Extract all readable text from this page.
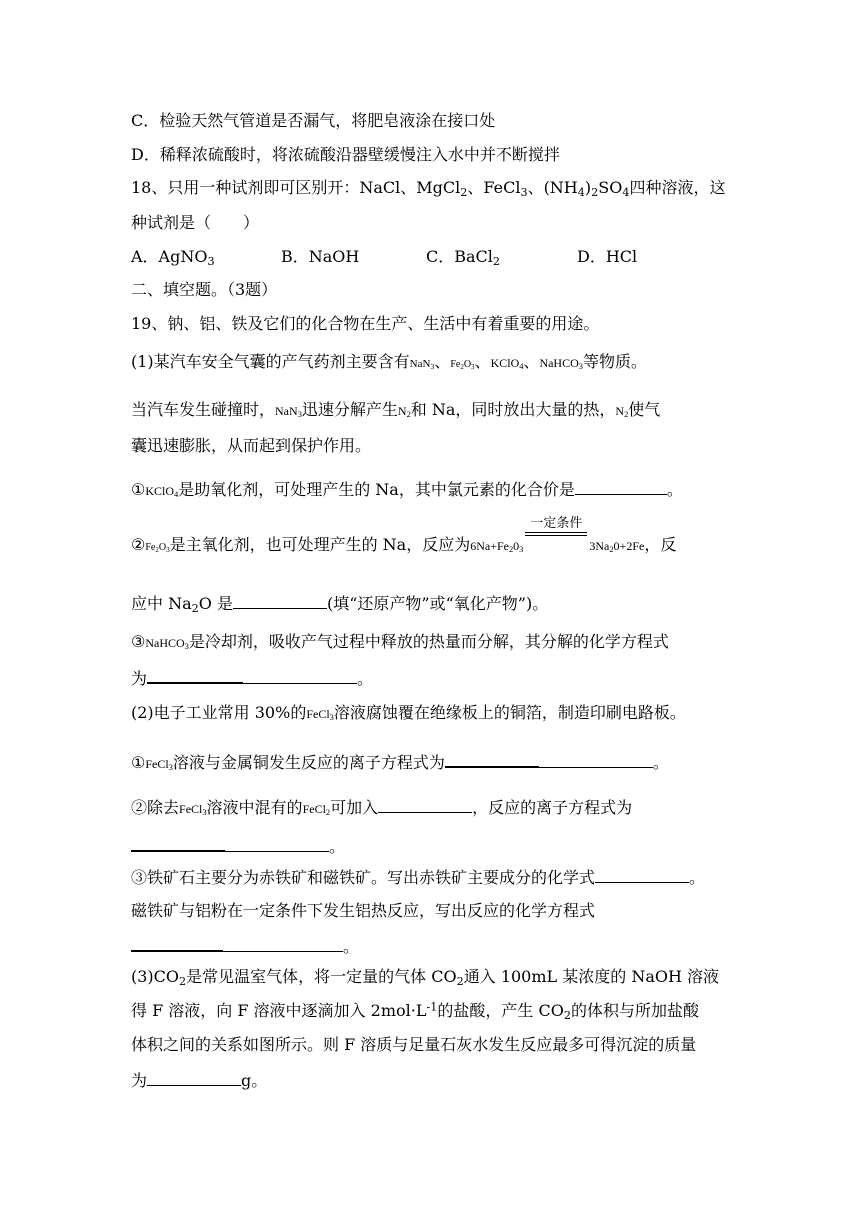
C．检验天然气管道是否漏气，将肥皂液涂在接口处
D．稀释浓硫酸时，将浓硫酸沿器壁缓慢注入水中并不断搅拌
18、只用一种试剂即可区别开：NaCl、MgCl$_2$、FeCl$_3$、$(NH_4)_2SO_4$四种溶液，这
种试剂是（　　）
A．AgNO$_3$	B．NaOH	C．BaCl$_2$	D．HCl
二、填空题。（3题）
19、钠、铝、铁及它们的化合物在生产、生活中有着重要的用途。
(1)某汽车安全气囊的产气药剂主要含有NaN$_3$、$Fe_2O_3$、KClO$_4$、NaHCO$_3$等物质。
当汽车发生碰撞时，NaN$_3$迅速分解产生$N_2$和 Na，同时放出大量的热，$N_2$使气
囊迅速膨胀，从而起到保护作用。
①KClO$_4$是助氧化剂，可处理产生的 Na，其中氯元素的化合价是	。
$②Fe_2O_3$是主氧化剂，也可处理产生的 Na，反应为$6Na+Fe_20_3$
一定条件
$3Na_20+2Fe$，反
应中 $Na_2O$ 是	(填“还原产物”或“氧化产物”)。
③NaHCO$_3$是冷却剂，吸收产气过程中释放的热量而分解，其分解的化学方程式
为	。
(2)电子工业常用 30%的FeCl$_3$溶液腐蚀覆在绝缘板上的铜箔，制造印刷电路板。
①FeCl$_3$溶液与金属铜发生反应的离子方程式为	。
②除去FeCl$_3$溶液中混有的FeCl$_2$可加入	，反应的离子方程式为
。
③铁矿石主要分为赤铁矿和磁铁矿。写出赤铁矿主要成分的化学式	。
磁铁矿与铝粉在一定条件下发生铝热反应，写出反应的化学方程式
。
$(3)CO_2$是常见温室气体，将一定量的气体 $CO_2$通入 100mL 某浓度的 NaOH 溶液
得 F 溶液，向 F 溶液中逐滴加入 $2mol\cdot L^{-1}$的盐酸，产生 $CO_2$的体积与所加盐酸
体积之间的关系如图所示。则 F 溶质与足量石灰水发生反应最多可得沉淀的质量
为	g。
